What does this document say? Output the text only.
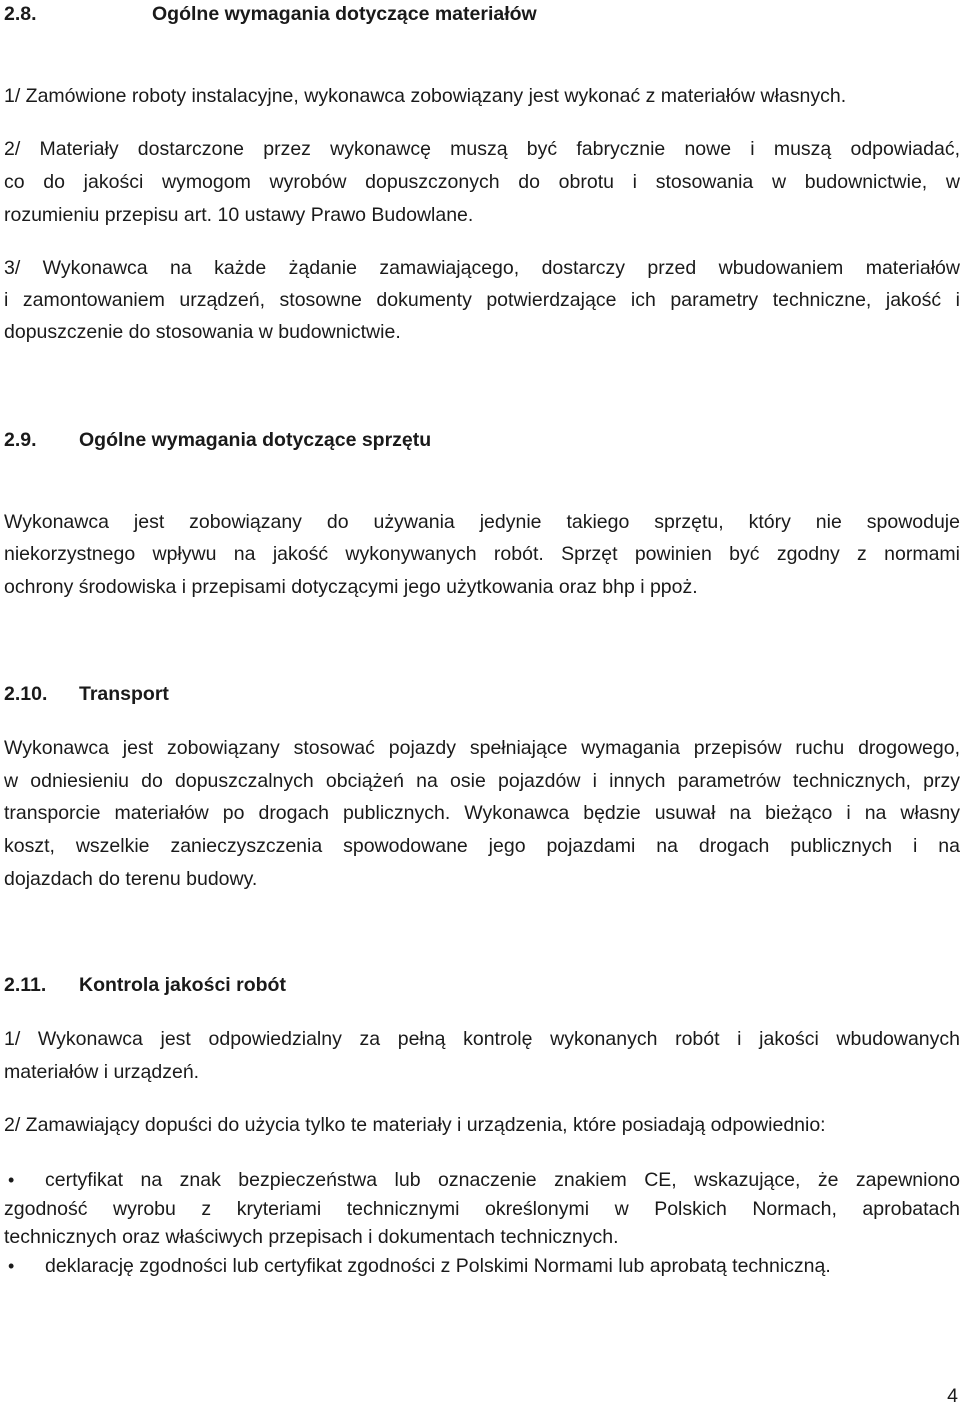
2.8.	Ogólne wymagania dotyczące materiałów
1/ Zamówione roboty instalacyjne, wykonawca zobowiązany jest wykonać z materiałów własnych.
2/ Materiały dostarczone przez wykonawcę muszą być fabrycznie nowe i muszą odpowiadać,
co do jakości wymogom wyrobów dopuszczonych do obrotu i stosowania w budownictwie, w
rozumieniu przepisu art. 10 ustawy Prawo Budowlane.
3/ Wykonawca na każde żądanie zamawiającego, dostarczy przed wbudowaniem materiałów
i zamontowaniem urządzeń, stosowne dokumenty potwierdzające ich parametry techniczne, jakość i
dopuszczenie do stosowania w budownictwie.
2.9. Ogólne wymagania dotyczące sprzętu
Wykonawca jest zobowiązany do używania jedynie takiego sprzętu, który nie spowoduje
niekorzystnego wpływu na jakość wykonywanych robót. Sprzęt powinien być zgodny z normami
ochrony środowiska i przepisami dotyczącymi jego użytkowania oraz bhp i ppoż.
2.10. Transport
Wykonawca jest zobowiązany stosować pojazdy spełniające wymagania przepisów ruchu drogowego,
w odniesieniu do dopuszczalnych obciążeń na osie pojazdów i innych parametrów technicznych, przy
transporcie materiałów po drogach publicznych. Wykonawca będzie usuwał na bieżąco i na własny
koszt, wszelkie zanieczyszczenia spowodowane jego pojazdami na drogach publicznych i na
dojazdach do terenu budowy.
2.11. Kontrola jakości robót
1/ Wykonawca jest odpowiedzialny za pełną kontrolę wykonanych robót i jakości wbudowanych
materiałów i urządzeń.
2/ Zamawiający dopuści do użycia tylko te materiały i urządzenia, które posiadają odpowiednio:
• certyfikat na znak bezpieczeństwa lub oznaczenie znakiem CE, wskazujące, że zapewniono
zgodność wyrobu z kryteriami technicznymi określonymi w Polskich Normach, aprobatach
technicznych oraz właściwych przepisach i dokumentach technicznych.
• deklarację zgodności lub certyfikat zgodności z Polskimi Normami lub aprobatą techniczną.
4
